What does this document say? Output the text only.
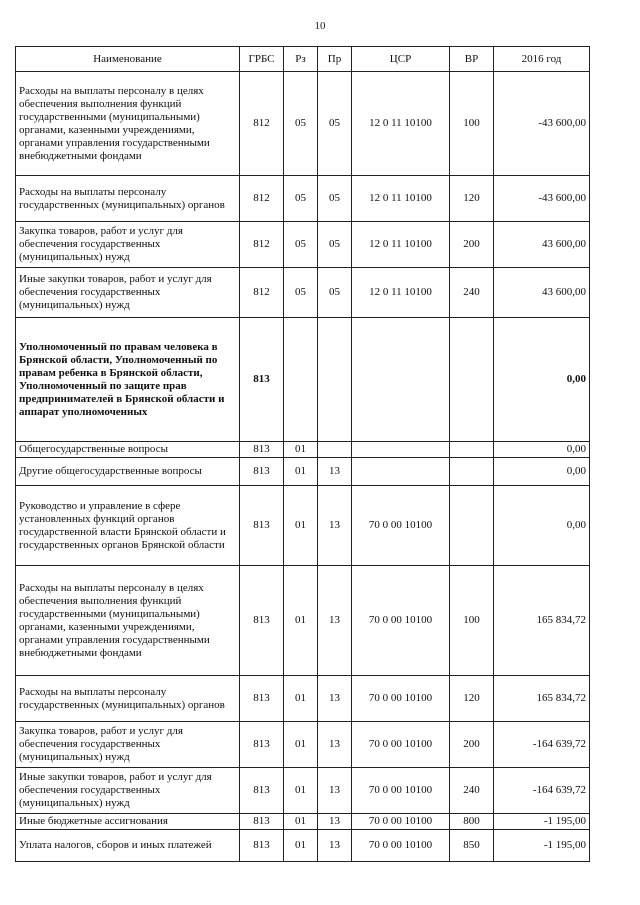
10
Наименование	ГРБС	Рз	Пр	ЦСР	ВР	2016 год
Расходы на выплаты персоналу в целях обеспечения выполнения функций государственными (муниципальными) органами, казенными учреждениями, органами управления государственными внебюджетными фондами	812	05	05	12 0 11 10100	100	-43 600,00
Расходы на выплаты персоналу государственных (муниципальных) органов	812	05	05	12 0 11 10100	120	-43 600,00
Закупка товаров, работ и услуг для обеспечения государственных (муниципальных) нужд	812	05	05	12 0 11 10100	200	43 600,00
Иные закупки товаров, работ и услуг для обеспечения государственных (муниципальных) нужд	812	05	05	12 0 11 10100	240	43 600,00
Уполномоченный по правам человека в Брянской области, Уполномоченный по правам ребенка в Брянской области, Уполномоченный по защите прав предпринимателей в Брянской области и аппарат уполномоченных	813					0,00
Общегосударственные вопросы	813	01				0,00
Другие общегосударственные вопросы	813	01	13			0,00
Руководство и управление в сфере установленных функций органов государственной власти Брянской области и государственных органов Брянской области	813	01	13	70 0 00 10100		0,00
Расходы на выплаты персоналу в целях обеспечения выполнения функций государственными (муниципальными) органами, казенными учреждениями, органами управления государственными внебюджетными фондами	813	01	13	70 0 00 10100	100	165 834,72
Расходы на выплаты персоналу государственных (муниципальных) органов	813	01	13	70 0 00 10100	120	165 834,72
Закупка товаров, работ и услуг для обеспечения государственных (муниципальных) нужд	813	01	13	70 0 00 10100	200	-164 639,72
Иные закупки товаров, работ и услуг для обеспечения государственных (муниципальных) нужд	813	01	13	70 0 00 10100	240	-164 639,72
Иные бюджетные ассигнования	813	01	13	70 0 00 10100	800	-1 195,00
Уплата налогов, сборов и иных платежей	813	01	13	70 0 00 10100	850	-1 195,00
